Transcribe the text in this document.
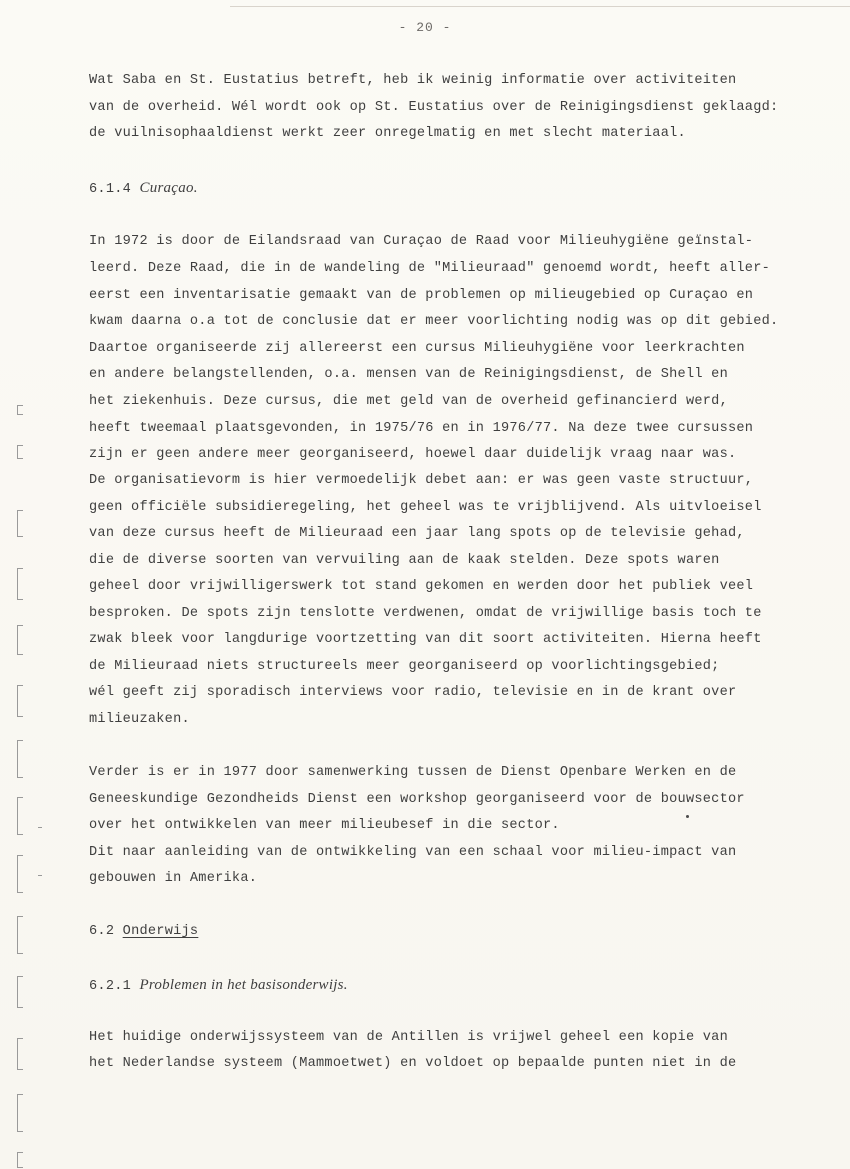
- 20 -
Wat Saba en St. Eustatius betreft, heb ik weinig informatie over activiteiten
van de overheid. Wél wordt ook op St. Eustatius over de Reinigingsdienst geklaagd:
de vuilnisophaaldienst werkt zeer onregelmatig en met slecht materiaal.
6.1.4 Curaçao.
In 1972 is door de Eilandsraad van Curaçao de Raad voor Milieuhygiëne geïnstal-
leerd. Deze Raad, die in de wandeling de "Milieuraad" genoemd wordt, heeft aller-
eerst een inventarisatie gemaakt van de problemen op milieugebied op Curaçao en
kwam daarna o.a tot de conclusie dat er meer voorlichting nodig was op dit gebied.
Daartoe organiseerde zij allereerst een cursus Milieuhygiëne voor leerkrachten
en andere belangstellenden, o.a. mensen van de Reinigingsdienst, de Shell en
het ziekenhuis. Deze cursus, die met geld van de overheid gefinancierd werd,
heeft tweemaal plaatsgevonden, in 1975/76 en in 1976/77. Na deze twee cursussen
zijn er geen andere meer georganiseerd, hoewel daar duidelijk vraag naar was.
De organisatievorm is hier vermoedelijk debet aan: er was geen vaste structuur,
geen officiële subsidieregeling, het geheel was te vrijblijvend. Als uitvloeisel
van deze cursus heeft de Milieuraad een jaar lang spots op de televisie gehad,
die de diverse soorten van vervuiling aan de kaak stelden. Deze spots waren
geheel door vrijwilligerswerk tot stand gekomen en werden door het publiek veel
besproken. De spots zijn tenslotte verdwenen, omdat de vrijwillige basis toch te
zwak bleek voor langdurige voortzetting van dit soort activiteiten. Hierna heeft
de Milieuraad niets structureels meer georganiseerd op voorlichtingsgebied;
wél geeft zij sporadisch interviews voor radio, televisie en in de krant over
milieuzaken.
Verder is er in 1977 door samenwerking tussen de Dienst Openbare Werken en de
Geneeskundige Gezondheids Dienst een workshop georganiseerd voor de bouwsector
over het ontwikkelen van meer milieubesef in die sector.
Dit naar aanleiding van de ontwikkeling van een schaal voor milieu-impact van
gebouwen in Amerika.
6.2 Onderwijs
6.2.1 Problemen in het basisonderwijs.
Het huidige onderwijssysteem van de Antillen is vrijwel geheel een kopie van
het Nederlandse systeem (Mammoetwet) en voldoet op bepaalde punten niet in de
